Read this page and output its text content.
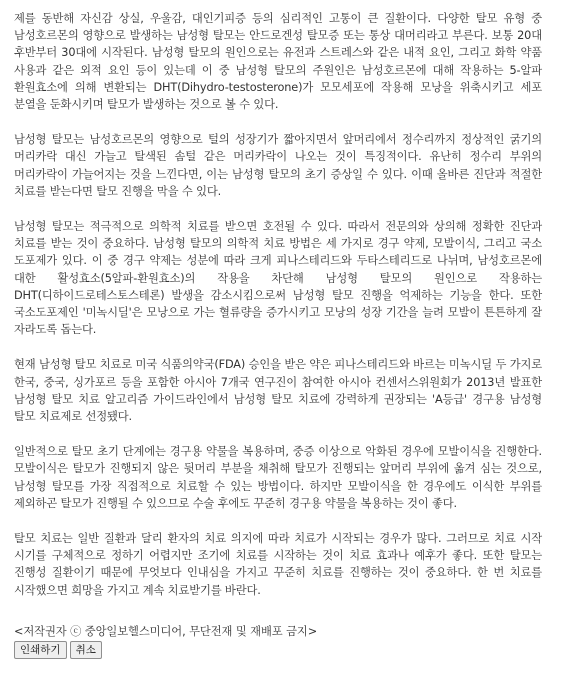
제를 동반해 자신감 상실, 우울감, 대인기피증 등의 심리적인 고통이 큰 질환이다. 다양한 탈모 유형 중 남성호르몬의 영향으로 발생하는 남성형 탈모는 안드로겐성 탈모증 또는 통상 대머리라고 부른다. 보통 20대 후반부터 30대에 시작된다. 남성형 탈모의 원인으로는 유전과 스트레스와 같은 내적 요인, 그리고 화학 약품 사용과 같은 외적 요인 등이 있는데 이 중 남성형 탈모의 주원인은 남성호르몬에 대해 작용하는 5-알파 환원효소에 의해 변환되는 DHT(Dihydro-testosterone)가 모모세포에 작용해 모낭을 위축시키고 세포 분열을 둔화시키며 탈모가 발생하는 것으로 볼 수 있다.

남성형 탈모는 남성호르몬의 영향으로 털의 성장기가 짧아지면서 앞머리에서 정수리까지 정상적인 굵기의 머리카락 대신 가늘고 탈색된 솜털 같은 머리카락이 나오는 것이 특징적이다. 유난히 정수리 부위의 머리카락이 가늘어지는 것을 느낀다면, 이는 남성형 탈모의 초기 증상일 수 있다. 이때 올바른 진단과 적절한 치료를 받는다면 탈모 진행을 막을 수 있다.

남성형 탈모는 적극적으로 의학적 치료를 받으면 호전될 수 있다. 따라서 전문의와 상의해 정확한 진단과 치료를 받는 것이 중요하다. 남성형 탈모의 의학적 치료 방법은 세 가지로 경구 약제, 모발이식, 그리고 국소 도포제가 있다. 이 중 경구 약제는 성분에 따라 크게 피나스테리드와 두타스테리드로 나뉘며, 남성호르몬에 대한 활성효소(5알파-환원효소)의 작용을 차단해 남성형 탈모의 원인으로 작용하는 DHT(디하이드로테스토스테론) 발생을 감소시킴으로써 남성형 탈모 진행을 억제하는 기능을 한다. 또한 국소도포제인 '미녹시딜'은 모낭으로 가는 혈류량을 증가시키고 모낭의 성장 기간을 늘려 모발이 튼튼하게 잘 자라도록 돕는다.

현재 남성형 탈모 치료로 미국 식품의약국(FDA) 승인을 받은 약은 피나스테리드와 바르는 미녹시딜 두 가지로 한국, 중국, 싱가포르 등을 포함한 아시아 7개국 연구진이 참여한 아시아 컨센서스위원회가 2013년 발표한 남성형 탈모 치료 알고리즘 가이드라인에서 남성형 탈모 치료에 강력하게 권장되는 'A등급' 경구용 남성형 탈모 치료제로 선정됐다.

일반적으로 탈모 초기 단계에는 경구용 약물을 복용하며, 중증 이상으로 악화된 경우에 모발이식을 진행한다. 모발이식은 탈모가 진행되지 않은 뒷머리 부분을 채취해 탈모가 진행되는 앞머리 부위에 옮겨 심는 것으로, 남성형 탈모를 가장 직접적으로 치료할 수 있는 방법이다. 하지만 모발이식을 한 경우에도 이식한 부위를 제외하곤 탈모가 진행될 수 있으므로 수술 후에도 꾸준히 경구용 약물을 복용하는 것이 좋다.

탈모 치료는 일반 질환과 달리 환자의 치료 의지에 따라 치료가 시작되는 경우가 많다. 그러므로 치료 시작 시기를 구체적으로 정하기 어렵지만 조기에 치료를 시작하는 것이 치료 효과나 예후가 좋다. 또한 탈모는 진행성 질환이기 때문에 무엇보다 인내심을 가지고 꾸준히 치료를 진행하는 것이 중요하다. 한 번 치료를 시작했으면 희망을 가지고 계속 치료받기를 바란다.

<저작권자 ⓒ 중앙일보헬스미디어, 무단전재 및 재배포 금지>
인쇄하기	취소
